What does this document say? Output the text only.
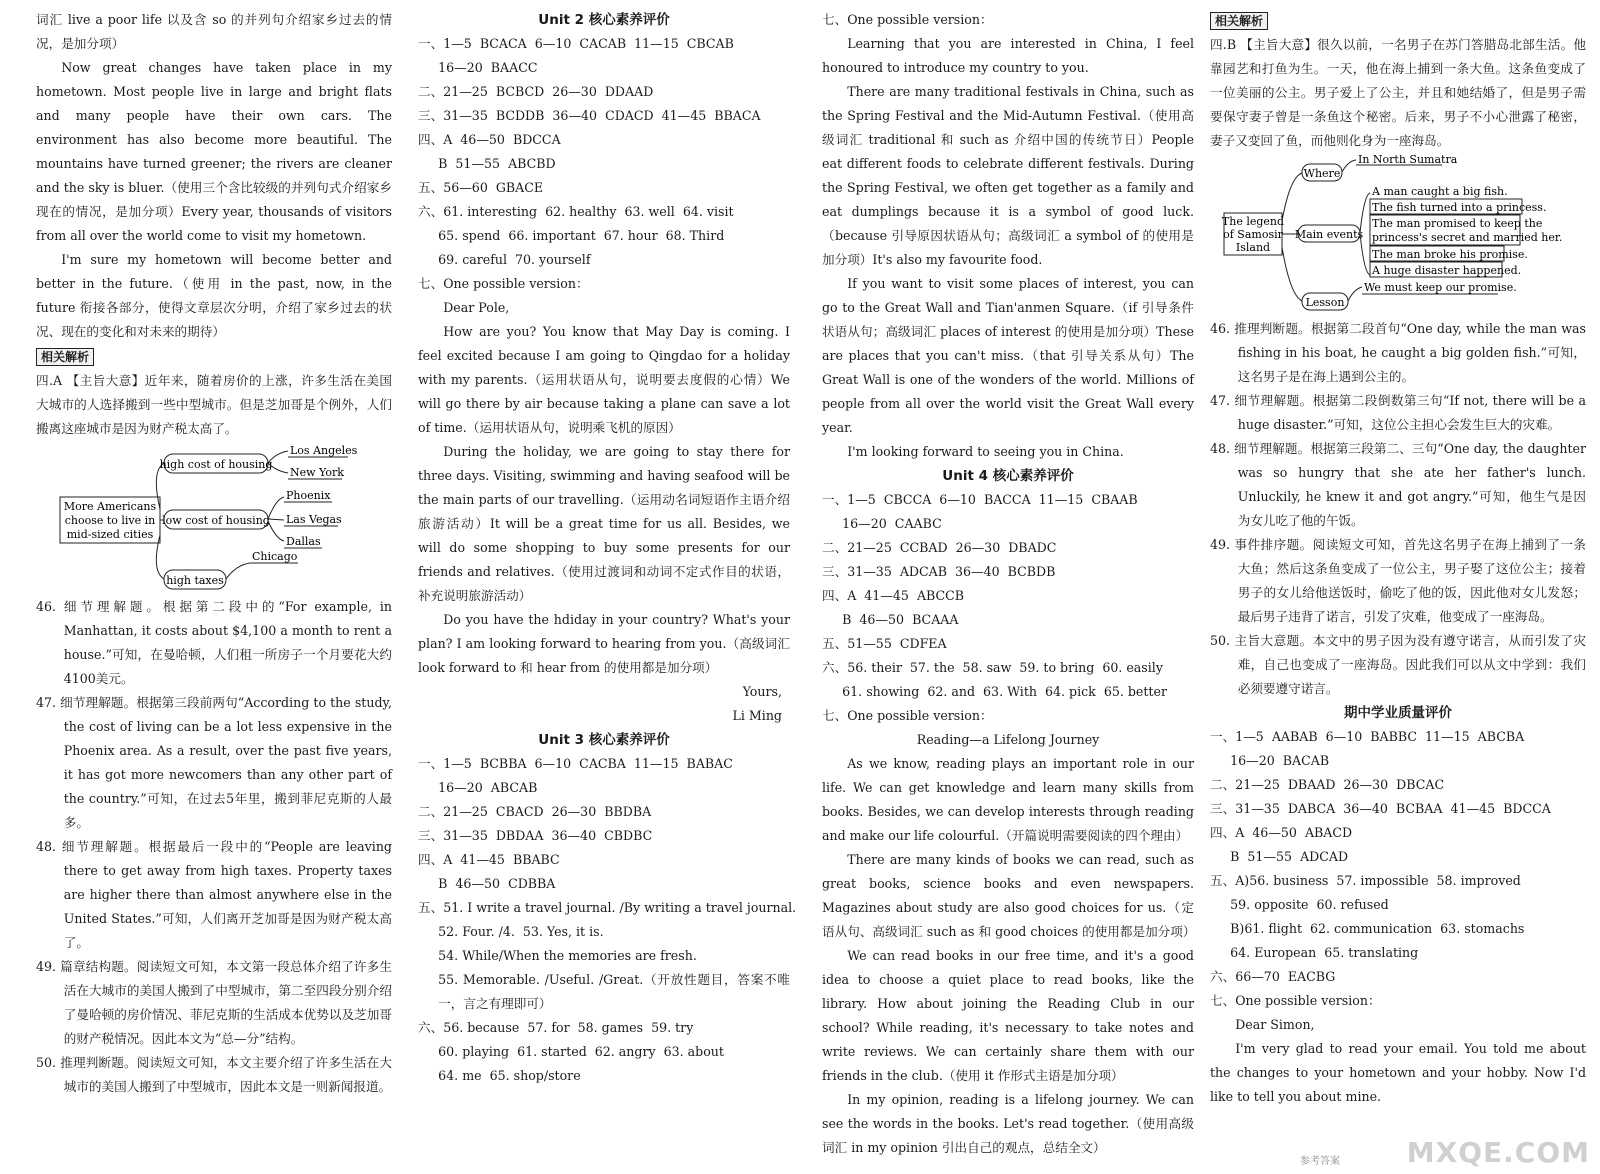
词汇 live a poor life 以及含 so 的并列句介绍家乡过去的情况，是加分项）

Now great changes have taken place in my hometown. Most people live in large and bright flats and many people have their own cars. The environment has also become more beautiful. The mountains have turned greener; the rivers are cleaner and the sky is bluer.（使用三个含比较级的并列句式介绍家乡现在的情况，是加分项）Every year, thousands of visitors from all over the world come to visit my hometown.

I'm sure my hometown will become better and better in the future.（使用 in the past, now, in the future 衔接各部分，使得文章层次分明，介绍了家乡过去的状况、现在的变化和对未来的期待）

相关解析

四.A 【主旨大意】近年来，随着房价的上涨，许多生活在美国大城市的人选择搬到一些中型城市。但是芝加哥是个例外，人们搬离这座城市是因为财产税太高了。

More Americans
choose to live in
mid-sized cities
high cost of housing
low cost of housing
high taxes
Los Angeles
New York
Phoenix
Las Vegas
Dallas
Chicago

46. 细节理解题。根据第二段中的“For example, in Manhattan, it costs about $4,100 a month to rent a house.”可知，在曼哈顿，人们租一所房子一个月要花大约4100美元。

47. 细节理解题。根据第三段前两句“According to the study, the cost of living can be a lot less expensive in the Phoenix area. As a result, over the past five years, it has got more newcomers than any other part of the country.”可知，在过去5年里，搬到菲尼克斯的人最多。

48. 细节理解题。根据最后一段中的“People are leaving there to get away from high taxes. Property taxes are higher there than almost anywhere else in the United States.”可知，人们离开芝加哥是因为财产税太高了。

49. 篇章结构题。阅读短文可知，本文第一段总体介绍了许多生活在大城市的美国人搬到了中型城市，第二至四段分别介绍了曼哈顿的房价情况、菲尼克斯的生活成本优势以及芝加哥的财产税情况。因此本文为“总—分”结构。

50. 推理判断题。阅读短文可知，本文主要介绍了许多生活在大城市的美国人搬到了中型城市，因此本文是一则新闻报道。

Unit 2 核心素养评价

一、1—5  BCACA  6—10  CACAB  11—15  CBCAB

16—20  BAACC

二、21—25  BCBCD  26—30  DDAAD

三、31—35  BCDDB  36—40  CDACD  41—45  BBACA

四、A  46—50  BDCCA

B  51—55  ABCBD

五、56—60  GBACE

六、61. interesting  62. healthy  63. well  64. visit

65. spend  66. important  67. hour  68. Third

69. careful  70. yourself

七、One possible version：

Dear Pole,

How are you? You know that May Day is coming. I feel excited because I am going to Qingdao for a holiday with my parents.（运用状语从句，说明要去度假的心情）We will go there by air because taking a plane can save a lot of time.（运用状语从句，说明乘飞机的原因）

During the holiday, we are going to stay there for three days. Visiting, swimming and having seafood will be the main parts of our travelling.（运用动名词短语作主语介绍旅游活动）It will be a great time for us all. Besides, we will do some shopping to buy some presents for our friends and relatives.（使用过渡词和动词不定式作目的状语，补充说明旅游活动）

Do you have the hdiday in your country? What's your plan? I am looking forward to hearing from you.（高级词汇 look forward to 和 hear from 的使用都是加分项）

Yours,

Li Ming

Unit 3 核心素养评价

一、1—5  BCBBA  6—10  CACBA  11—15  BABAC

16—20  ABCAB

二、21—25  CBACD  26—30  BBDBA

三、31—35  DBDAA  36—40  CBDBC

四、A  41—45  BBABC

B  46—50  CDBBA

五、51. I write a travel journal. /By writing a travel journal.

52. Four. /4.  53. Yes, it is.

54. While/When the memories are fresh.

55. Memorable. /Useful. /Great.（开放性题目，答案不唯一，言之有理即可）

六、56. because  57. for  58. games  59. try

60. playing  61. started  62. angry  63. about

64. me  65. shop/store

七、One possible version：

Learning that you are interested in China, I feel honoured to introduce my country to you.

There are many traditional festivals in China, such as the Spring Festival and the Mid-Autumn Festival.（使用高级词汇 traditional 和 such as 介绍中国的传统节日）People eat different foods to celebrate different festivals. During the Spring Festival, we often get together as a family and eat dumplings because it is a symbol of good luck.（because 引导原因状语从句；高级词汇 a symbol of 的使用是加分项）It's also my favourite food.

If you want to visit some places of interest, you can go to the Great Wall and Tian'anmen Square.（if 引导条件状语从句；高级词汇 places of interest 的使用是加分项）These are places that you can't miss.（that 引导关系从句）The Great Wall is one of the wonders of the world. Millions of people from all over the world visit the Great Wall every year.

I'm looking forward to seeing you in China.

Unit 4 核心素养评价

一、1—5  CBCCA  6—10  BACCA  11—15  CBAAB

16—20  CAABC

二、21—25  CCBAD  26—30  DBADC

三、31—35  ADCAB  36—40  BCBDB

四、A  41—45  ABCCB

B  46—50  BCAAA

五、51—55  CDFEA

六、56. their  57. the  58. saw  59. to bring  60. easily

61. showing  62. and  63. With  64. pick  65. better

七、One possible version：

Reading—a Lifelong Journey

As we know, reading plays an important role in our life. We can get knowledge and learn many skills from books. Besides, we can develop interests through reading and make our life colourful.（开篇说明需要阅读的四个理由）

There are many kinds of books we can read, such as great books, science books and even newspapers. Magazines about study are also good choices for us.（定语从句、高级词汇 such as 和 good choices 的使用都是加分项）

We can read books in our free time, and it's a good idea to choose a quiet place to read books, like the library. How about joining the Reading Club in our school? While reading, it's necessary to take notes and write reviews. We can certainly share them with our friends in the club.（使用 it 作形式主语是加分项）

In my opinion, reading is a lifelong journey. We can see the words in the books. Let's read together.（使用高级词汇 in my opinion 引出自己的观点，总结全文）

相关解析

四.B 【主旨大意】很久以前，一名男子在苏门答腊岛北部生活。他靠园艺和打鱼为生。一天，他在海上捕到一条大鱼。这条鱼变成了一位美丽的公主。男子爱上了公主，并且和她结婚了，但是男子需要保守妻子曾是一条鱼这个秘密。后来，男子不小心泄露了秘密，妻子又变回了鱼，而他则化身为一座海岛。

The legend
of Samosir
Island
Where
Main events
Lesson
In North Sumatra
A man caught a big fish.
The fish turned into a princess.
The man promised to keep the
princess's secret and married her.
The man broke his promise.
A huge disaster happened.
We must keep our promise.

46. 推理判断题。根据第二段首句“One day, while the man was fishing in his boat, he caught a big golden fish.”可知，这名男子是在海上遇到公主的。

47. 细节理解题。根据第二段倒数第三句“If not, there will be a huge disaster.”可知，这位公主担心会发生巨大的灾难。

48. 细节理解题。根据第三段第二、三句“One day, the daughter was so hungry that she ate her father's lunch. Unluckily, he knew it and got angry.”可知，他生气是因为女儿吃了他的午饭。

49. 事件排序题。阅读短文可知，首先这名男子在海上捕到了一条大鱼；然后这条鱼变成了一位公主，男子娶了这位公主；接着男子的女儿给他送饭时，偷吃了他的饭，因此他对女儿发怒；最后男子违背了诺言，引发了灾难，他变成了一座海岛。

50. 主旨大意题。本文中的男子因为没有遵守诺言，从而引发了灾难，自己也变成了一座海岛。因此我们可以从文中学到：我们必须要遵守诺言。

期中学业质量评价

一、1—5  AABAB  6—10  BABBC  11—15  ABCBA

16—20  BACAB

二、21—25  DBAAD  26—30  DBCAC

三、31—35  DABCA  36—40  BCBAA  41—45  BDCCA

四、A  46—50  ABACD

B  51—55  ADCAD

五、A)56. business  57. impossible  58. improved

59. opposite  60. refused

B)61. flight  62. communication  63. stomachs

64. European  65. translating

六、66—70  EACBG

七、One possible version：

Dear Simon,

I'm very glad to read your email. You told me about the changes to your hometown and your hobby. Now I'd like to tell you about mine.

参考答案 MXQE.COM
